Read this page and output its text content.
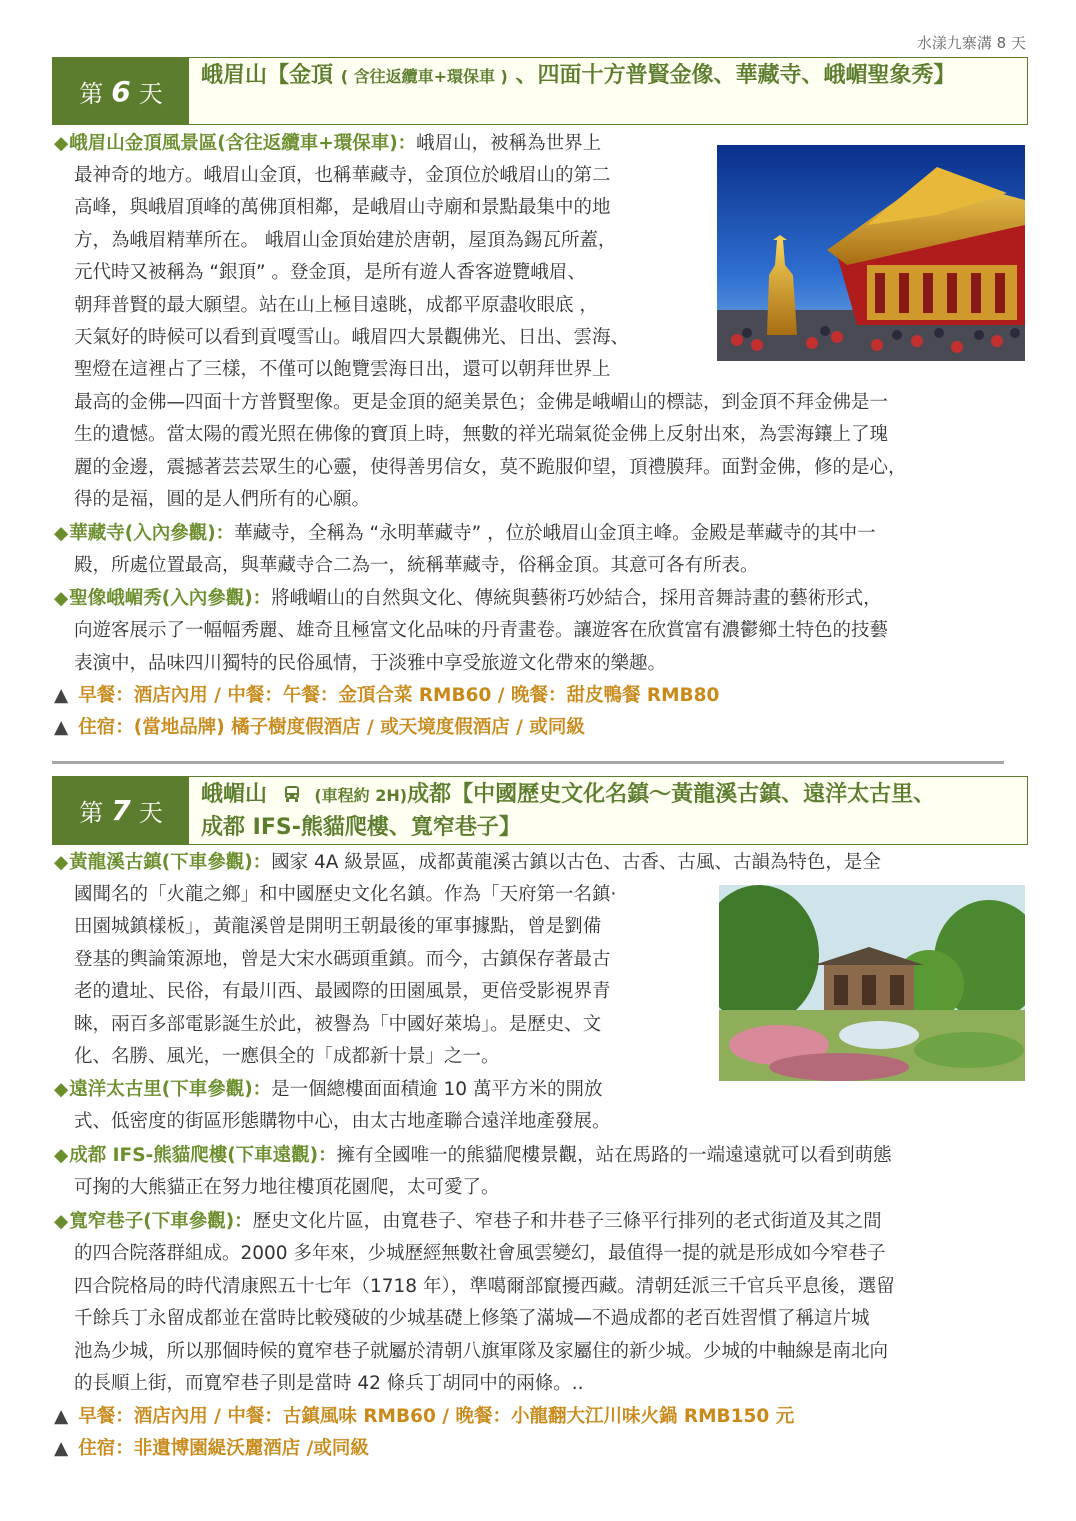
水漾九寨溝 8 天
第 6 天
峨眉山【金頂 ( 含往返纜車+環保車 ) 、四面十方普賢金像、華藏寺、峨嵋聖象秀】
◆峨眉山金頂風景區(含往返纜車+環保車)：峨眉山，被稱為世界上
最神奇的地方。峨眉山金頂，也稱華藏寺，金頂位於峨眉山的第二
高峰，與峨眉頂峰的萬佛頂相鄰，是峨眉山寺廟和景點最集中的地
方，為峨眉精華所在。 峨眉山金頂始建於唐朝，屋頂為錫瓦所蓋，
元代時又被稱為 “銀頂” 。登金頂，是所有遊人香客遊覽峨眉、
朝拜普賢的最大願望。站在山上極目遠眺，成都平原盡收眼底 ，
天氣好的時候可以看到貢嘎雪山。峨眉四大景觀佛光、日出、雲海、
聖燈在這裡占了三樣，不僅可以飽覽雲海日出，還可以朝拜世界上
最高的金佛—四面十方普賢聖像。更是金頂的絕美景色；金佛是峨嵋山的標誌，到金頂不拜金佛是一
生的遺憾。當太陽的霞光照在佛像的寶頂上時，無數的祥光瑞氣從金佛上反射出來，為雲海鑲上了瑰
麗的金邊，震撼著芸芸眾生的心靈，使得善男信女，莫不跪服仰望，頂禮膜拜。面對金佛，修的是心，
得的是福，圓的是人們所有的心願。
◆華藏寺(入內參觀)：華藏寺，全稱為 “永明華藏寺” ，位於峨眉山金頂主峰。金殿是華藏寺的其中一
殿，所處位置最高，與華藏寺合二為一，統稱華藏寺，俗稱金頂。其意可各有所表。
◆聖像峨嵋秀(入內參觀)：將峨嵋山的自然與文化、傳統與藝術巧妙結合，採用音舞詩畫的藝術形式，
向遊客展示了一幅幅秀麗、雄奇且極富文化品味的丹青畫卷。讓遊客在欣賞富有濃鬱鄉土特色的技藝
表演中，品味四川獨特的民俗風情，于淡雅中享受旅遊文化帶來的樂趣。
▲ 早餐：酒店內用 / 中餐：午餐：金頂合菜 RMB60 / 晚餐：甜皮鴨餐 RMB80
▲ 住宿：(當地品牌) 橘子樹度假酒店 / 或天境度假酒店 / 或同級
第 7 天
峨嵋山	(車程約 2H)成都【中國歷史文化名鎮～黃龍溪古鎮、遠洋太古里、
成都 IFS-熊貓爬樓、寬窄巷子】
◆黃龍溪古鎮(下車參觀)：國家 4A 級景區，成都黃龍溪古鎮以古色、古香、古風、古韻為特色，是全
國聞名的「火龍之鄉」和中國歷史文化名鎮。作為「天府第一名鎮·
田園城鎮樣板」，黃龍溪曾是開明王朝最後的軍事據點，曾是劉備
登基的輿論策源地，曾是大宋水碼頭重鎮。而今，古鎮保存著最古
老的遺址、民俗，有最川西、最國際的田園風景，更倍受影視界青
睞，兩百多部電影誕生於此，被譽為「中國好萊塢」。是歷史、文
化、名勝、風光，一應俱全的「成都新十景」之一。
◆遠洋太古里(下車參觀)：是一個總樓面面積逾 10 萬平方米的開放
式、低密度的街區形態購物中心，由太古地產聯合遠洋地產發展。
◆成都 IFS-熊貓爬樓(下車遠觀)：擁有全國唯一的熊貓爬樓景觀，站在馬路的一端遠遠就可以看到萌態
可掬的大熊貓正在努力地往樓頂花園爬，太可愛了。
◆寬窄巷子(下車參觀)：歷史文化片區，由寬巷子、窄巷子和井巷子三條平行排列的老式街道及其之間
的四合院落群組成。2000 多年來，少城歷經無數社會風雲變幻，最值得一提的就是形成如今窄巷子
四合院格局的時代清康熙五十七年（1718 年），準噶爾部竄擾西藏。清朝廷派三千官兵平息後，選留
千餘兵丁永留成都並在當時比較殘破的少城基礎上修築了滿城—不過成都的老百姓習慣了稱這片城
池為少城，所以那個時候的寬窄巷子就屬於清朝八旗軍隊及家屬住的新少城。少城的中軸線是南北向
的長順上街，而寬窄巷子則是當時 42 條兵丁胡同中的兩條。..
▲ 早餐：酒店內用 / 中餐：古鎮風味 RMB60 / 晚餐：小龍翻大江川味火鍋 RMB150 元
▲ 住宿：非遺博園緹沃麗酒店 /或同級
